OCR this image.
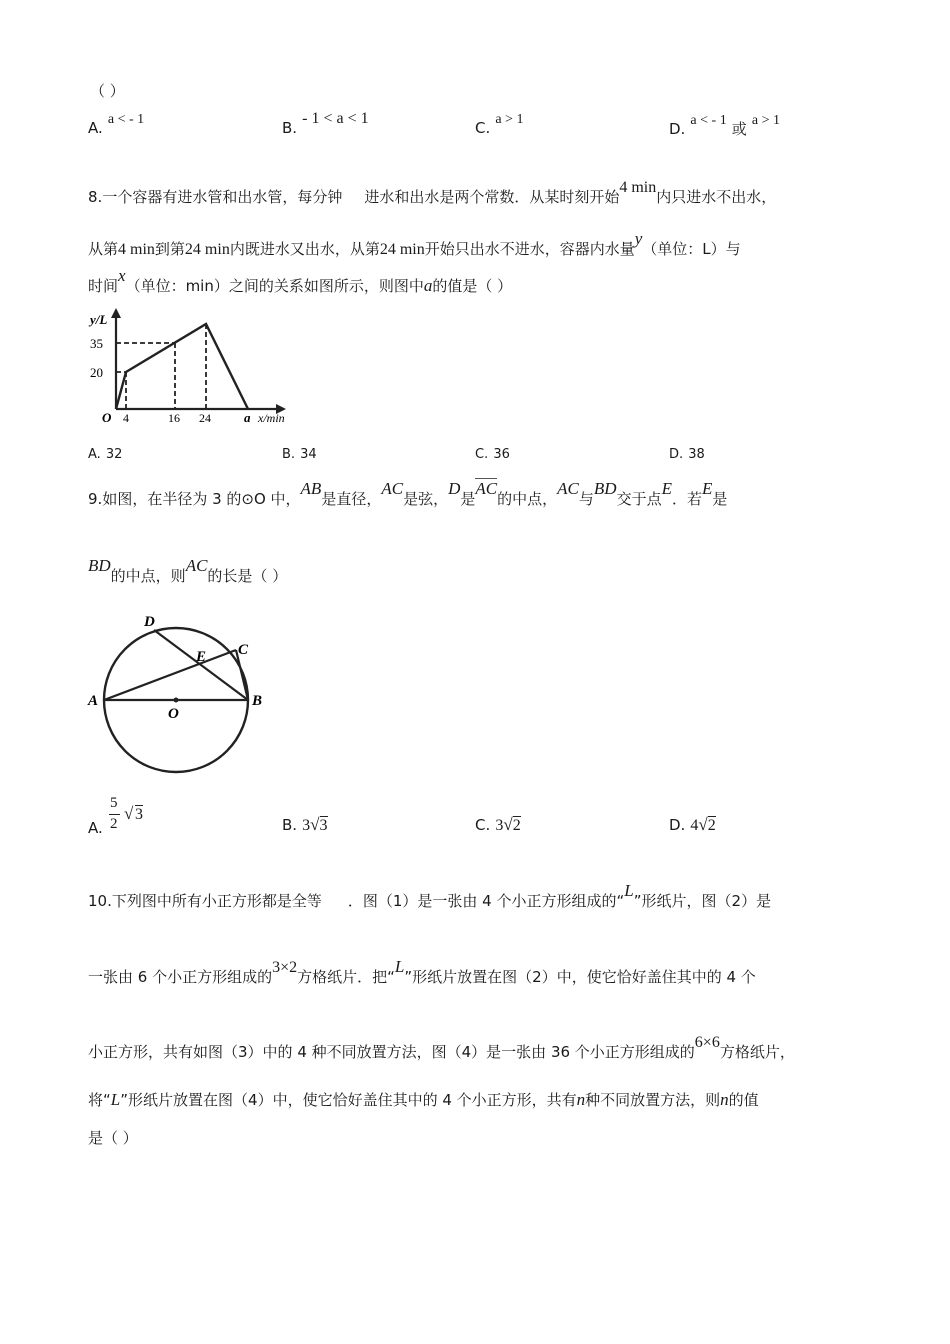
（ ）
A. a < - 1	B. - 1 < a < 1
C. a > 1
D. a < - 1 或 a > 1
8.一个容器有进水管和出水管，每分钟 进水和出水是两个常数．从某时刻开始4 min内只进水不出水，
从第4 min到第24 min内既进水又出水，从第24 min开始只出水不进水，容器内水量y（单位：L）与
时间x（单位：min）之间的关系如图所示，则图中a的值是（ ）
y/L
35
20
O 4	16 24	a x/min
A. 32	B. 34	C. 36	D. 38
9.如图，在半径为 3 的⊙O 中，AB是直径，AC是弦，D是AC的中点，AC与BD交于点E．若E是
BD的中点，则AC的长是（ ）
A	B
C
D
E
O
A.
5
2
√ 3
B. 3√3	C. 3√2	D. 4√2
10.下列图中所有小正方形都是全等 ．图（1）是一张由 4 个小正方形组成的“L”形纸片，图（2）是
一张由 6 个小正方形组成的3×2方格纸片．把“L”形纸片放置在图（2）中，使它恰好盖住其中的 4 个
小正方形，共有如图（3）中的 4 种不同放置方法，图（4）是一张由 36 个小正方形组成的6×6方格纸片，
将“L”形纸片放置在图（4）中，使它恰好盖住其中的 4 个小正方形，共有n种不同放置方法，则n的值
是（ ）
